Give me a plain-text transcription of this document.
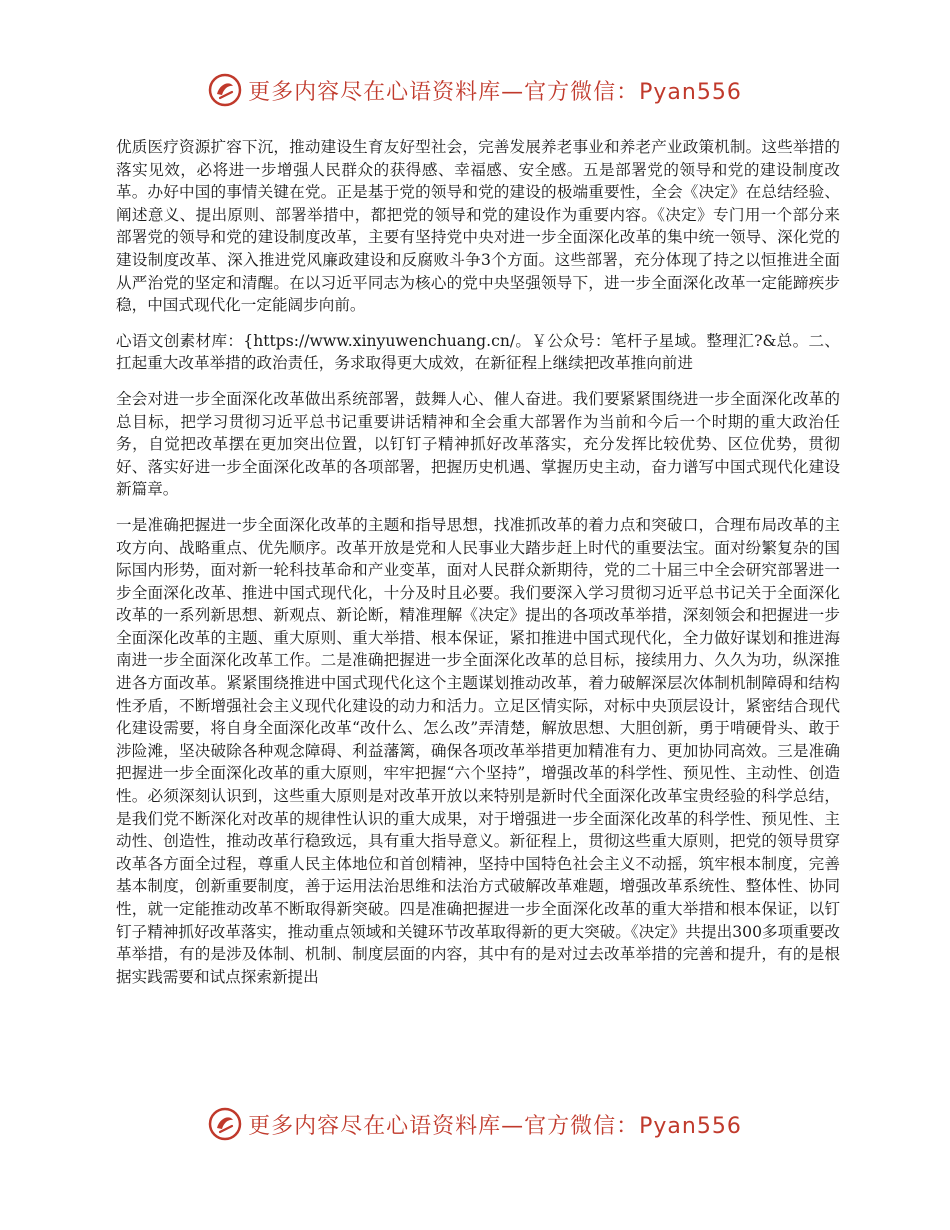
更多内容尽在心语资料库—官方微信：Pyan556

优质医疗资源扩容下沉，推动建设生育友好型社会，完善发展养老事业和养老产业政策机制。这些举措的落实见效，必将进一步增强人民群众的获得感、幸福感、安全感。五是部署党的领导和党的建设制度改革。办好中国的事情关键在党。正是基于党的领导和党的建设的极端重要性，全会《决定》在总结经验、阐述意义、提出原则、部署举措中，都把党的领导和党的建设作为重要内容。《决定》专门用一个部分来部署党的领导和党的建设制度改革，主要有坚持党中央对进一步全面深化改革的集中统一领导、深化党的建设制度改革、深入推进党风廉政建设和反腐败斗争3个方面。这些部署，充分体现了持之以恒推进全面从严治党的坚定和清醒。在以习近平同志为核心的党中央坚强领导下，进一步全面深化改革一定能蹄疾步稳，中国式现代化一定能阔步向前。

心语文创素材库：{https://www.xinyuwenchuang.cn/。￥公众号：笔杆子星域。整理汇?&总。二、扛起重大改革举措的政治责任，务求取得更大成效，在新征程上继续把改革推向前进

全会对进一步全面深化改革做出系统部署，鼓舞人心、催人奋进。我们要紧紧围绕进一步全面深化改革的总目标，把学习贯彻习近平总书记重要讲话精神和全会重大部署作为当前和今后一个时期的重大政治任务，自觉把改革摆在更加突出位置，以钉钉子精神抓好改革落实，充分发挥比较优势、区位优势，贯彻好、落实好进一步全面深化改革的各项部署，把握历史机遇、掌握历史主动，奋力谱写中国式现代化建设新篇章。

一是准确把握进一步全面深化改革的主题和指导思想，找准抓改革的着力点和突破口，合理布局改革的主攻方向、战略重点、优先顺序。改革开放是党和人民事业大踏步赶上时代的重要法宝。面对纷繁复杂的国际国内形势，面对新一轮科技革命和产业变革，面对人民群众新期待，党的二十届三中全会研究部署进一步全面深化改革、推进中国式现代化，十分及时且必要。我们要深入学习贯彻习近平总书记关于全面深化改革的一系列新思想、新观点、新论断，精准理解《决定》提出的各项改革举措，深刻领会和把握进一步全面深化改革的主题、重大原则、重大举措、根本保证，紧扣推进中国式现代化，全力做好谋划和推进海南进一步全面深化改革工作。二是准确把握进一步全面深化改革的总目标，接续用力、久久为功，纵深推进各方面改革。紧紧围绕推进中国式现代化这个主题谋划推动改革，着力破解深层次体制机制障碍和结构性矛盾，不断增强社会主义现代化建设的动力和活力。立足区情实际，对标中央顶层设计，紧密结合现代化建设需要，将自身全面深化改革“改什么、怎么改”弄清楚，解放思想、大胆创新，勇于啃硬骨头、敢于涉险滩，坚决破除各种观念障碍、利益藩篱，确保各项改革举措更加精准有力、更加协同高效。三是准确把握进一步全面深化改革的重大原则，牢牢把握“六个坚持”，增强改革的科学性、预见性、主动性、创造性。必须深刻认识到，这些重大原则是对改革开放以来特别是新时代全面深化改革宝贵经验的科学总结，是我们党不断深化对改革的规律性认识的重大成果，对于增强进一步全面深化改革的科学性、预见性、主动性、创造性，推动改革行稳致远，具有重大指导意义。新征程上，贯彻这些重大原则，把党的领导贯穿改革各方面全过程，尊重人民主体地位和首创精神，坚持中国特色社会主义不动摇，筑牢根本制度，完善基本制度，创新重要制度，善于运用法治思维和法治方式破解改革难题，增强改革系统性、整体性、协同性，就一定能推动改革不断取得新突破。四是准确把握进一步全面深化改革的重大举措和根本保证，以钉钉子精神抓好改革落实，推动重点领域和关键环节改革取得新的更大突破。《决定》共提出300多项重要改革举措，有的是涉及体制、机制、制度层面的内容，其中有的是对过去改革举措的完善和提升，有的是根据实践需要和试点探索新提出

更多内容尽在心语资料库—官方微信：Pyan556
